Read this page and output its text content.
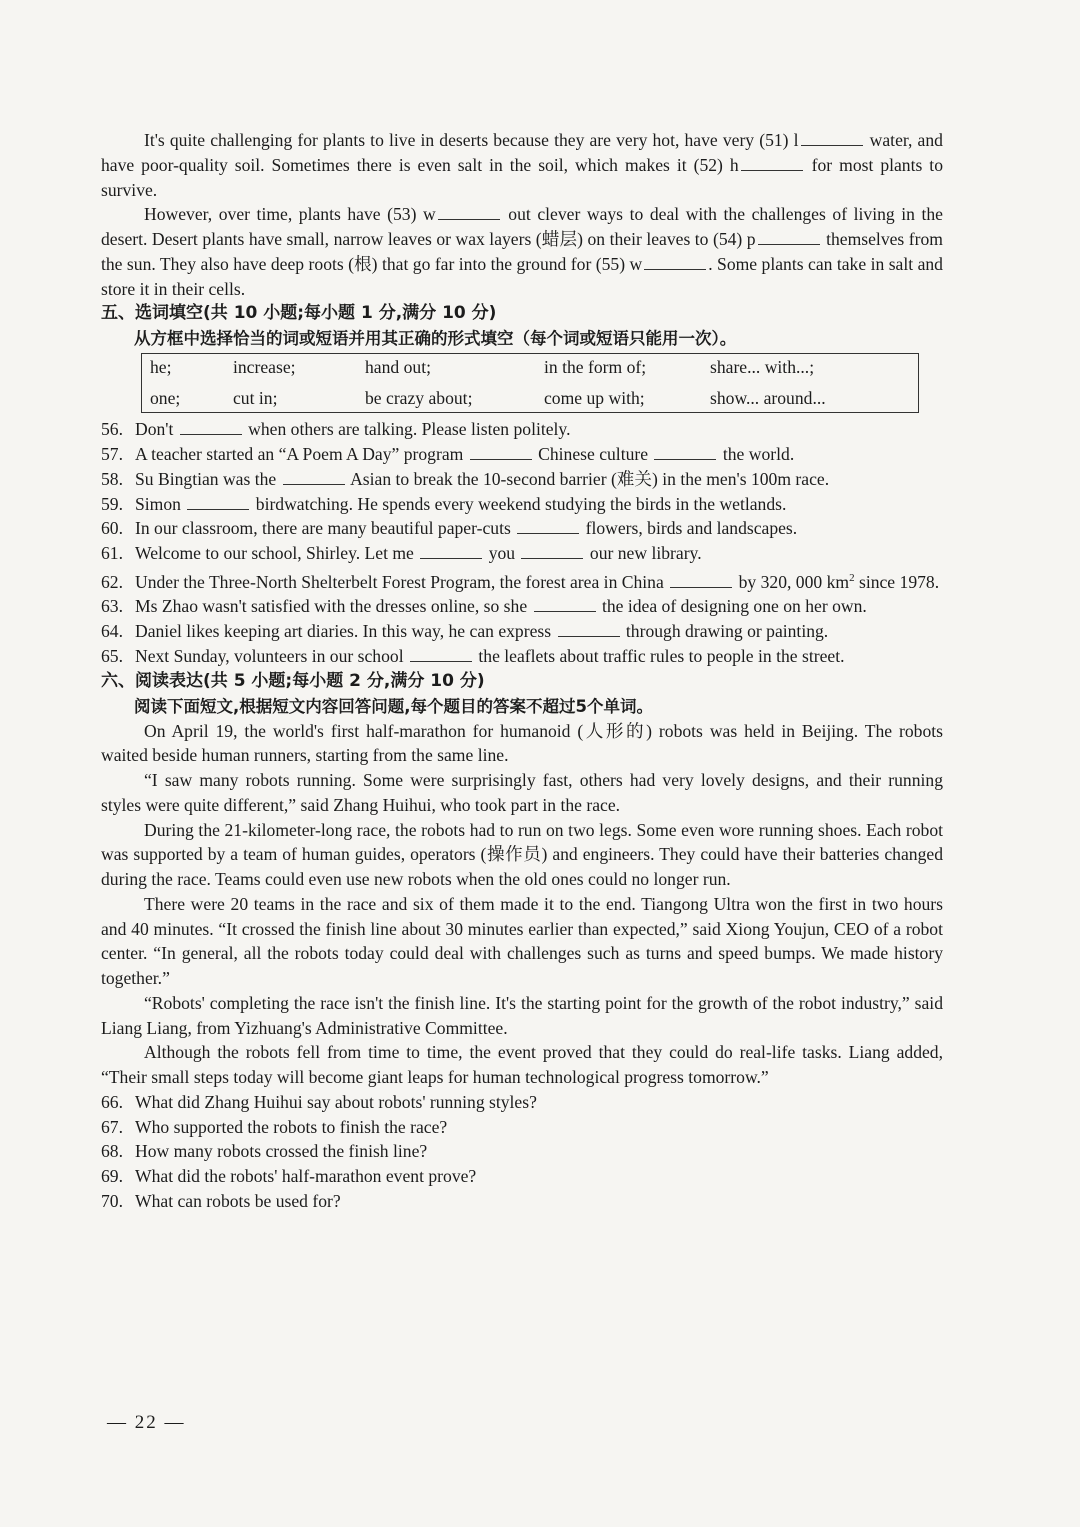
It's quite challenging for plants to live in deserts because they are very hot, have very (51) l	water, and have poor-quality soil. Sometimes there is even salt in the soil, which makes it (52) h	for most plants to survive.

However, over time, plants have (53) w	out clever ways to deal with the challenges of living in the desert. Desert plants have small, narrow leaves or wax layers (蜡层) on their leaves to (54) p	themselves from the sun. They also have deep roots (根) that go far into the ground for (55) w	. Some plants can take in salt and store it in their cells.

五、选词填空(共 10 小题;每小题 1 分,满分 10 分)
从方框中选择恰当的词或短语并用其正确的形式填空（每个词或短语只能用一次）。
he;	increase;	hand out;	in the form of;	share... with...;
one;	cut in;	be crazy about;	come up with;	show... around...

56. Don't	when others are talking. Please listen politely.

57. A teacher started an “A Poem A Day” program	Chinese culture	the world.

58. Su Bingtian was the	Asian to break the 10-second barrier (难关) in the men's 100m race.

59. Simon	birdwatching. He spends every weekend studying the birds in the wetlands.

60. In our classroom, there are many beautiful paper-cuts	flowers, birds and landscapes.

61. Welcome to our school, Shirley. Let me	you	our new library.

62. Under the Three-North Shelterbelt Forest Program, the forest area in China	by 320, 000 $km^2$ since 1978.

63. Ms Zhao wasn't satisfied with the dresses online, so she	the idea of designing one on her own.

64. Daniel likes keeping art diaries. In this way, he can express	through drawing or painting.

65. Next Sunday, volunteers in our school	the leaflets about traffic rules to people in the street.

六、阅读表达(共 5 小题;每小题 2 分,满分 10 分)
阅读下面短文,根据短文内容回答问题,每个题目的答案不超过5个单词。

On April 19, the world's first half-marathon for humanoid (人形的) robots was held in Beijing. The robots waited beside human runners, starting from the same line.

“I saw many robots running. Some were surprisingly fast, others had very lovely designs, and their running styles were quite different,” said Zhang Huihui, who took part in the race.

During the 21-kilometer-long race, the robots had to run on two legs. Some even wore running shoes. Each robot was supported by a team of human guides, operators (操作员) and engineers. They could have their batteries changed during the race. Teams could even use new robots when the old ones could no longer run.

There were 20 teams in the race and six of them made it to the end. Tiangong Ultra won the first in two hours and 40 minutes. “It crossed the finish line about 30 minutes earlier than expected,” said Xiong Youjun, CEO of a robot center. “In general, all the robots today could deal with challenges such as turns and speed bumps. We made history together.”

“Robots' completing the race isn't the finish line. It's the starting point for the growth of the robot industry,” said Liang Liang, from Yizhuang's Administrative Committee.

Although the robots fell from time to time, the event proved that they could do real-life tasks. Liang added, “Their small steps today will become giant leaps for human technological progress tomorrow.”

66. What did Zhang Huihui say about robots' running styles?

67. Who supported the robots to finish the race?

68. How many robots crossed the finish line?

69. What did the robots' half-marathon event prove?

70. What can robots be used for?

— 22 —
